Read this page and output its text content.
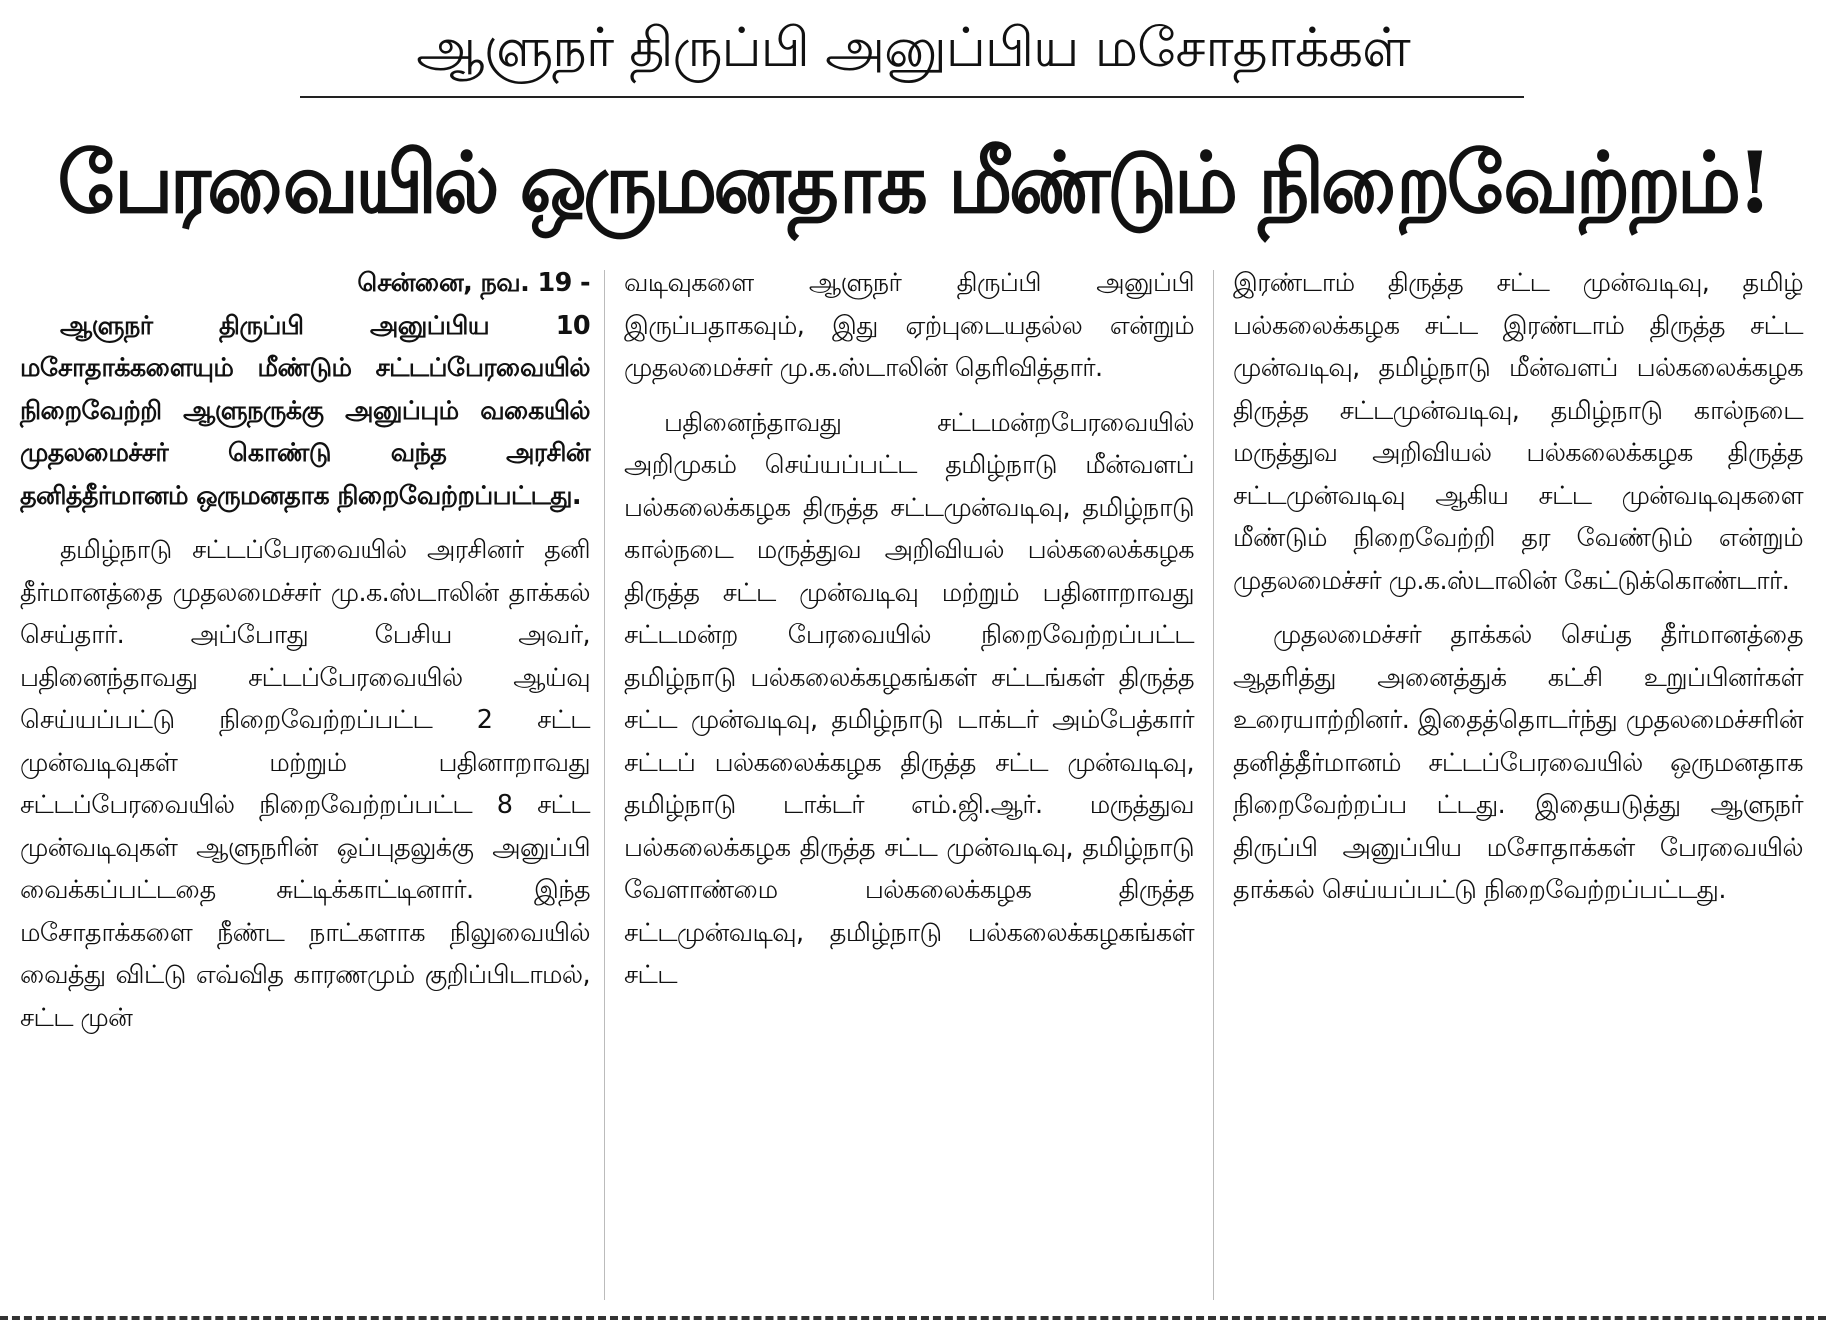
ஆளுநர் திருப்பி அனுப்பிய மசோதாக்கள்
பேரவையில் ஒருமனதாக மீண்டும் நிறைவேற்றம்!
சென்னை, நவ. 19 -

ஆளுநர் திருப்பி அனுப்பிய 10 மசோதாக்களையும் மீண்டும் சட்டப்பேரவையில் நிறைவேற்றி ஆளுநருக்கு அனுப்பும் வகையில் முதலமைச்சர் கொண்டு வந்த அரசின் தனித்தீர்மானம் ஒருமனதாக நிறைவேற்றப்பட்டது.

தமிழ்நாடு சட்டப்பேரவையில் அரசினர் தனி தீர்மானத்தை முதலமைச்சர் மு.க.ஸ்டாலின் தாக்கல் செய்தார். அப்போது பேசிய அவர், பதினைந்தாவது சட்டப்பேரவையில் ஆய்வு செய்யப்பட்டு நிறைவேற்றப்பட்ட 2 சட்ட முன்வடிவுகள் மற்றும் பதினாறாவது சட்டப்பேரவையில் நிறைவேற்றப்பட்ட 8 சட்ட முன்வடிவுகள் ஆளுநரின் ஒப்புதலுக்கு அனுப்பி வைக்கப்பட்டதை சுட்டிக்காட்டினார். இந்த மசோதாக்களை நீண்ட நாட்களாக நிலுவையில் வைத்து விட்டு எவ்வித காரணமும் குறிப்பிடாமல், சட்ட முன்

வடிவுகளை ஆளுநர் திருப்பி அனுப்பி இருப்பதாகவும், இது ஏற்புடையதல்ல என்றும் முதலமைச்சர் மு.க.ஸ்டாலின் தெரிவித்தார்.

பதினைந்தாவது சட்டமன்றபேரவையில் அறிமுகம் செய்யப்பட்ட தமிழ்நாடு மீன்வளப் பல்கலைக்கழக திருத்த சட்டமுன்வடிவு, தமிழ்நாடு கால்நடை மருத்துவ அறிவியல் பல்கலைக்கழக திருத்த சட்ட முன்வடிவு மற்றும் பதினாறாவது சட்டமன்ற பேரவையில் நிறைவேற்றப்பட்ட தமிழ்நாடு பல்கலைக்கழகங்கள் சட்டங்கள் திருத்த சட்ட முன்வடிவு, தமிழ்நாடு டாக்டர் அம்பேத்கார் சட்டப் பல்கலைக்கழக திருத்த சட்ட முன்வடிவு, தமிழ்நாடு டாக்டர் எம்.ஜி.ஆர். மருத்துவ பல்கலைக்கழக திருத்த சட்ட முன்வடிவு, தமிழ்நாடு வேளாண்மை பல்கலைக்கழக திருத்த சட்டமுன்வடிவு, தமிழ்நாடு பல்கலைக்கழகங்கள் சட்ட

இரண்டாம் திருத்த சட்ட முன்வடிவு, தமிழ் பல்கலைக்கழக சட்ட இரண்டாம் திருத்த சட்ட முன்வடிவு, தமிழ்நாடு மீன்வளப் பல்கலைக்கழக திருத்த சட்டமுன்வடிவு, தமிழ்நாடு கால்நடை மருத்துவ அறிவியல் பல்கலைக்கழக திருத்த சட்டமுன்வடிவு ஆகிய சட்ட முன்வடிவுகளை மீண்டும் நிறைவேற்றி தர வேண்டும் என்றும் முதலமைச்சர் மு.க.ஸ்டாலின் கேட்டுக்கொண்டார்.

முதலமைச்சர் தாக்கல் செய்த தீர்மானத்தை ஆதரித்து அனைத்துக் கட்சி உறுப்பினர்கள் உரையாற்றினர். இதைத்தொடர்ந்து முதலமைச்சரின் தனித்தீர்மானம் சட்டப்பேரவையில் ஒருமனதாக நிறைவேற்றப்ப ட்டது. இதையடுத்து ஆளுநர் திருப்பி அனுப்பிய மசோதாக்கள் பேரவையில் தாக்கல் செய்யப்பட்டு நிறைவேற்றப்பட்டது.
